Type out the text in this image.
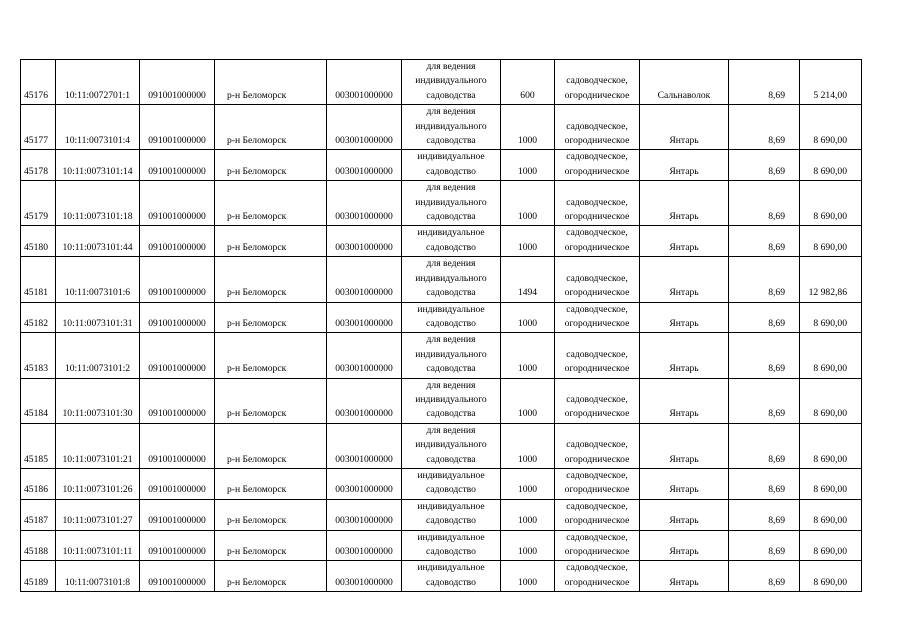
45176	10:11:0072701:1	091001000000	р-н Беломорск	003001000000	для ведения
индивидуального
садоводства	600	садоводческое,
огородническое	Сальнаволок	8,69	5 214,00
45177	10:11:0073101:4	091001000000	р-н Беломорск	003001000000	для ведения
индивидуального
садоводства	1000	садоводческое,
огородническое	Янтарь	8,69	8 690,00
45178	10:11:0073101:14	091001000000	р-н Беломорск	003001000000	индивидуальное
садоводство	1000	садоводческое,
огородническое	Янтарь	8,69	8 690,00
45179	10:11:0073101:18	091001000000	р-н Беломорск	003001000000	для ведения
индивидуального
садоводства	1000	садоводческое,
огородническое	Янтарь	8,69	8 690,00
45180	10:11:0073101:44	091001000000	р-н Беломорск	003001000000	индивидуальное
садоводство	1000	садоводческое,
огородническое	Янтарь	8,69	8 690,00
45181	10:11:0073101:6	091001000000	р-н Беломорск	003001000000	для ведения
индивидуального
садоводства	1494	садоводческое,
огородническое	Янтарь	8,69	12 982,86
45182	10:11:0073101:31	091001000000	р-н Беломорск	003001000000	индивидуальное
садоводство	1000	садоводческое,
огородническое	Янтарь	8,69	8 690,00
45183	10:11:0073101:2	091001000000	р-н Беломорск	003001000000	для ведения
индивидуального
садоводства	1000	садоводческое,
огородническое	Янтарь	8,69	8 690,00
45184	10:11:0073101:30	091001000000	р-н Беломорск	003001000000	для ведения
индивидуального
садоводства	1000	садоводческое,
огородническое	Янтарь	8,69	8 690,00
45185	10:11:0073101:21	091001000000	р-н Беломорск	003001000000	для ведения
индивидуального
садоводства	1000	садоводческое,
огородническое	Янтарь	8,69	8 690,00
45186	10:11:0073101:26	091001000000	р-н Беломорск	003001000000	индивидуальное
садоводство	1000	садоводческое,
огородническое	Янтарь	8,69	8 690,00
45187	10:11:0073101:27	091001000000	р-н Беломорск	003001000000	индивидуальное
садоводство	1000	садоводческое,
огородническое	Янтарь	8,69	8 690,00
45188	10:11:0073101:11	091001000000	р-н Беломорск	003001000000	индивидуальное
садоводство	1000	садоводческое,
огородническое	Янтарь	8,69	8 690,00
45189	10:11:0073101:8	091001000000	р-н Беломорск	003001000000	индивидуальное
садоводство	1000	садоводческое,
огородническое	Янтарь	8,69	8 690,00
